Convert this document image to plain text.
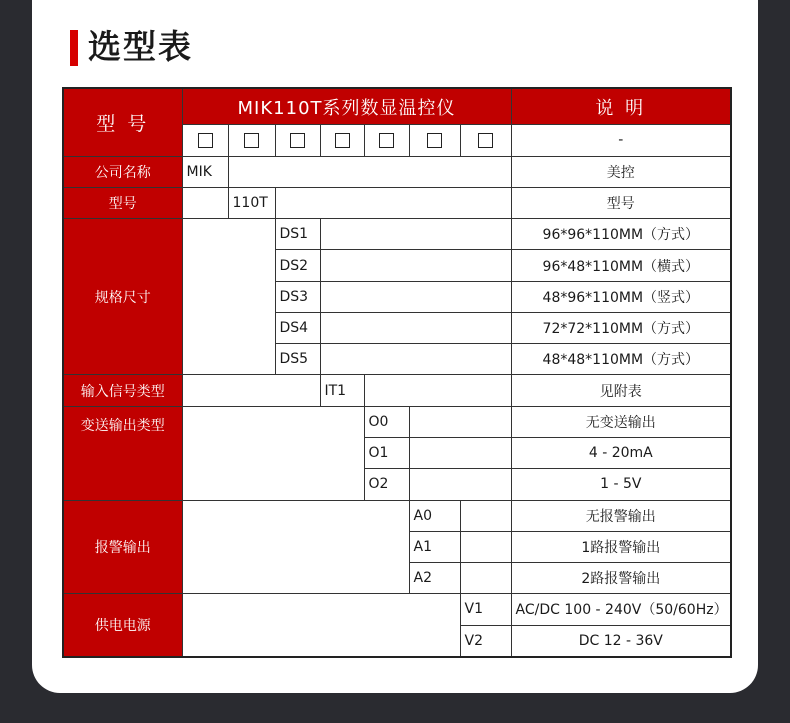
选型表
型 号	MIK110T系列数显温控仪							说 明
								-
公司名称	MIK							美控
型号		110T						型号
规格尺寸			DS1					96*96*110MM（方式）
			DS2					96*48*110MM（横式）
			DS3					48*96*110MM（竖式）
			DS4					72*72*110MM（方式）
			DS5					48*48*110MM（方式）
输入信号类型				IT1				见附表
变送输出类型					O0			无变送输出
					O1			4 - 20mA
					O2			1 - 5V
报警输出						A0		无报警输出
						A1		1路报警输出
						A2		2路报警输出
供电电源							V1	AC/DC 100 - 240V（50/60Hz）
							V2	DC 12 - 36V
